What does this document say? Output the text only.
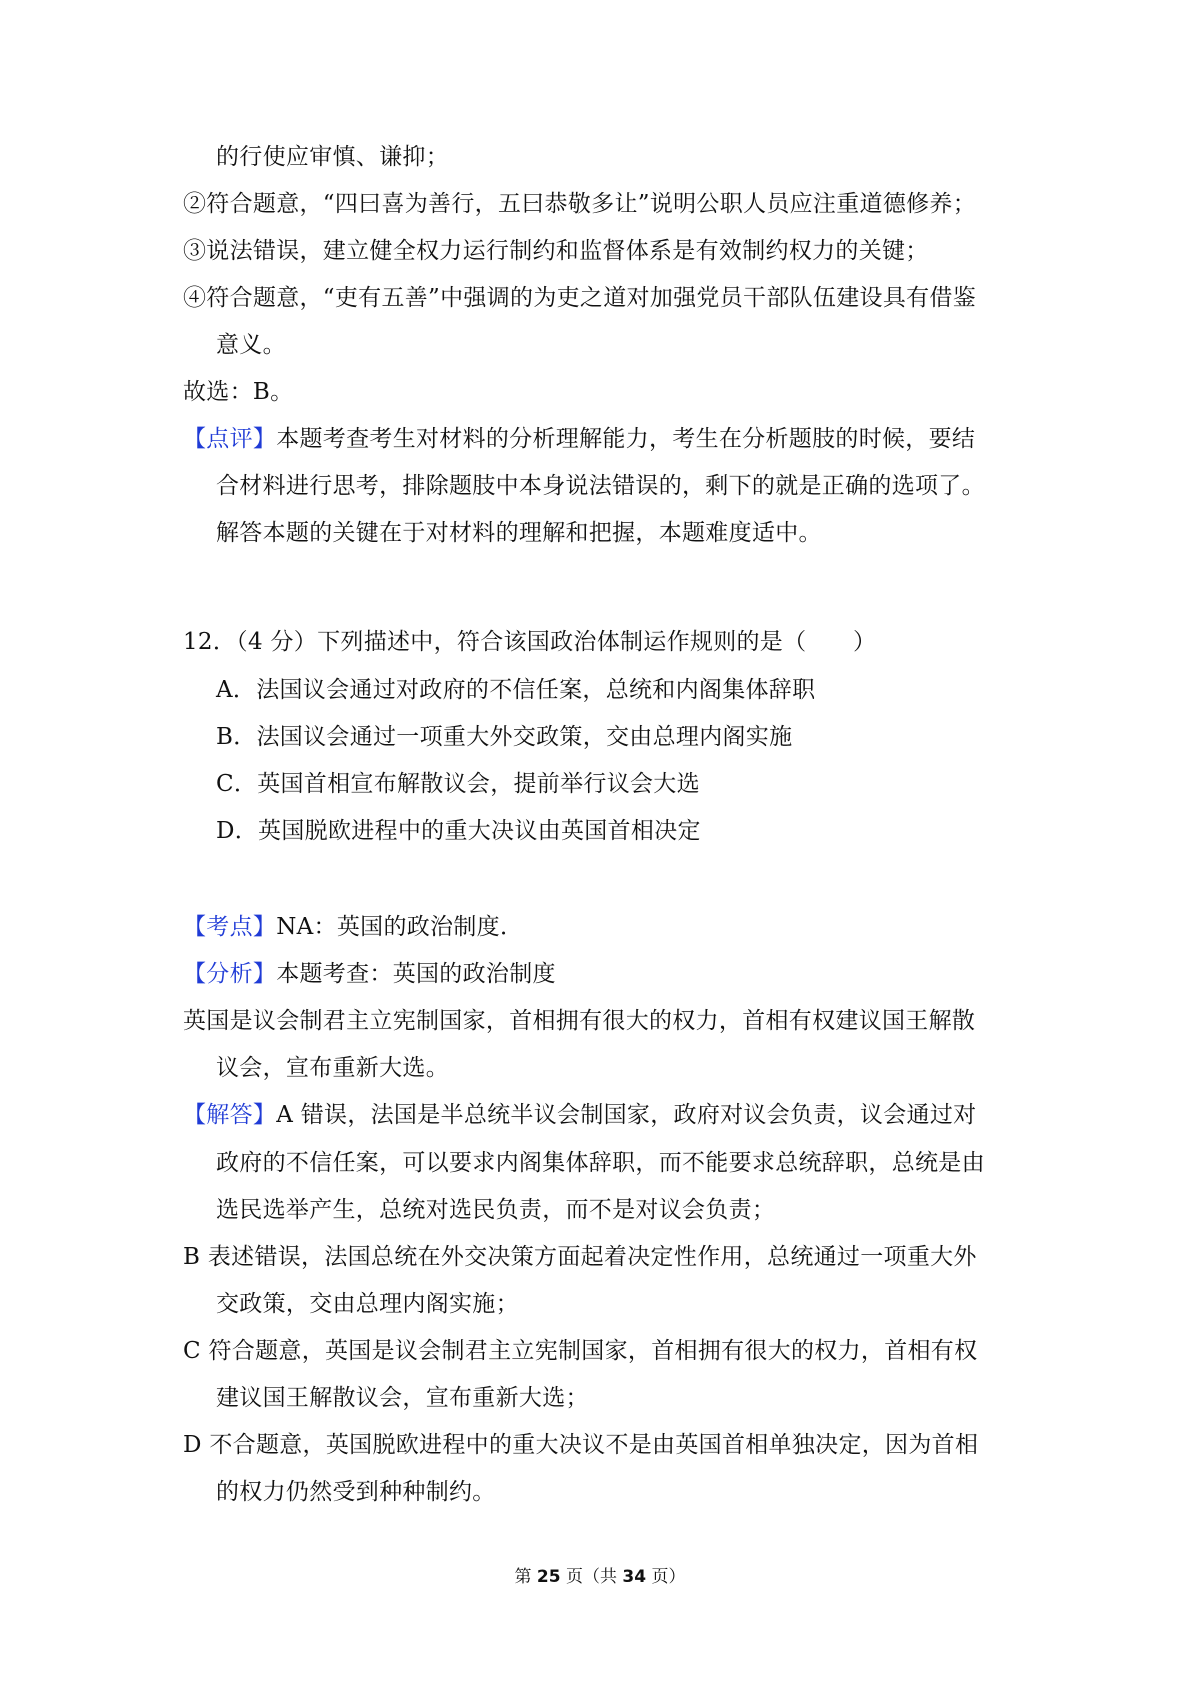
的行使应审慎、谦抑；
②符合题意，“四曰喜为善行，五曰恭敬多让”说明公职人员应注重道德修养；
③说法错误，建立健全权力运行制约和监督体系是有效制约权力的关键；
④符合题意，“吏有五善”中强调的为吏之道对加强党员干部队伍建设具有借鉴
意义。
故选：B。
【点评】本题考查考生对材料的分析理解能力，考生在分析题肢的时候，要结
合材料进行思考，排除题肢中本身说法错误的，剩下的就是正确的选项了。
解答本题的关键在于对材料的理解和把握，本题难度适中。
12．（4 分）下列描述中，符合该国政治体制运作规则的是（　　）
A．法国议会通过对政府的不信任案，总统和内阁集体辞职
B．法国议会通过一项重大外交政策，交由总理内阁实施
C．英国首相宣布解散议会，提前举行议会大选
D．英国脱欧进程中的重大决议由英国首相决定
【考点】NA：英国的政治制度．
【分析】本题考查：英国的政治制度
英国是议会制君主立宪制国家，首相拥有很大的权力，首相有权建议国王解散
议会，宣布重新大选。
【解答】A 错误，法国是半总统半议会制国家，政府对议会负责，议会通过对
政府的不信任案，可以要求内阁集体辞职，而不能要求总统辞职，总统是由
选民选举产生，总统对选民负责，而不是对议会负责；
B 表述错误，法国总统在外交决策方面起着决定性作用，总统通过一项重大外
交政策，交由总理内阁实施；
C 符合题意，英国是议会制君主立宪制国家，首相拥有很大的权力，首相有权
建议国王解散议会，宣布重新大选；
D 不合题意，英国脱欧进程中的重大决议不是由英国首相单独决定，因为首相
的权力仍然受到种种制约。
第 25 页（共 34 页）
